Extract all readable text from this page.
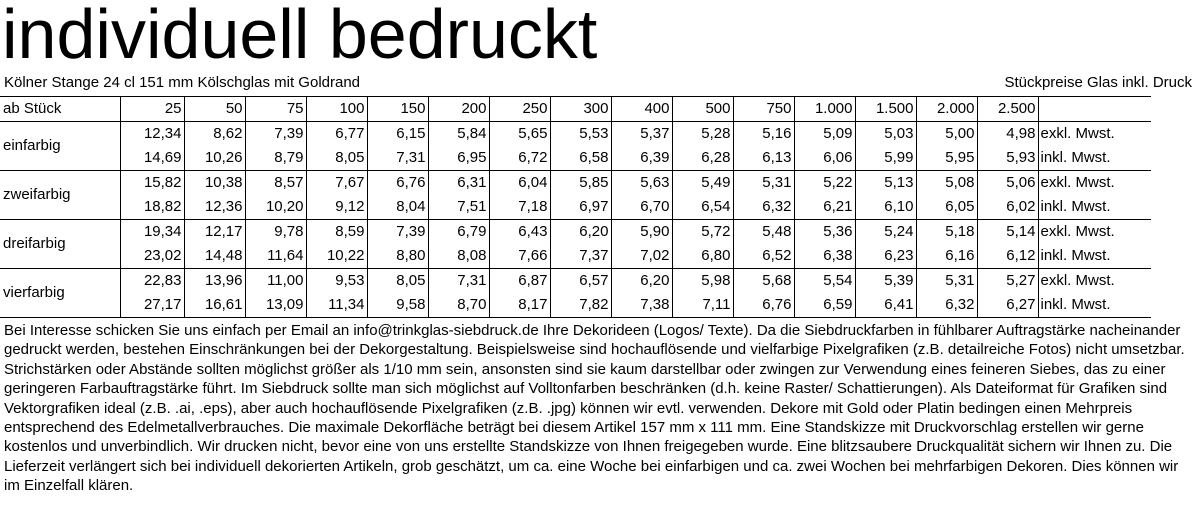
individuell bedruckt
Kölner Stange 24 cl 151 mm Kölschglas mit Goldrand	Stückpreise Glas inkl. Druck
ab Stück	25	50	75	100	150	200	250	300	400	500	750	1.000	1.500	2.000	2.500	
einfarbig	12,34	8,62	7,39	6,77	6,15	5,84	5,65	5,53	5,37	5,28	5,16	5,09	5,03	5,00	4,98	exkl. Mwst.
	14,69	10,26	8,79	8,05	7,31	6,95	6,72	6,58	6,39	6,28	6,13	6,06	5,99	5,95	5,93	inkl. Mwst.
zweifarbig	15,82	10,38	8,57	7,67	6,76	6,31	6,04	5,85	5,63	5,49	5,31	5,22	5,13	5,08	5,06	exkl. Mwst.
	18,82	12,36	10,20	9,12	8,04	7,51	7,18	6,97	6,70	6,54	6,32	6,21	6,10	6,05	6,02	inkl. Mwst.
dreifarbig	19,34	12,17	9,78	8,59	7,39	6,79	6,43	6,20	5,90	5,72	5,48	5,36	5,24	5,18	5,14	exkl. Mwst.
	23,02	14,48	11,64	10,22	8,80	8,08	7,66	7,37	7,02	6,80	6,52	6,38	6,23	6,16	6,12	inkl. Mwst.
vierfarbig	22,83	13,96	11,00	9,53	8,05	7,31	6,87	6,57	6,20	5,98	5,68	5,54	5,39	5,31	5,27	exkl. Mwst.
	27,17	16,61	13,09	11,34	9,58	8,70	8,17	7,82	7,38	7,11	6,76	6,59	6,41	6,32	6,27	inkl. Mwst.

Bei Interesse schicken Sie uns einfach per Email an info@trinkglas-siebdruck.de Ihre Dekorideen (Logos/ Texte). Da die Siebdruckfarben in fühlbarer Auftragstärke nacheinander gedruckt werden, bestehen Einschränkungen bei der Dekorgestaltung. Beispielsweise sind hochauflösende und vielfarbige Pixelgrafiken (z.B. detailreiche Fotos) nicht umsetzbar. Strichstärken oder Abstände sollten möglichst größer als 1/10 mm sein, ansonsten sind sie kaum darstellbar oder zwingen zur Verwendung eines feineren Siebes, das zu einer geringeren Farbauftragstärke führt. Im Siebdruck sollte man sich möglichst auf Volltonfarben beschränken (d.h. keine Raster/ Schattierungen). Als Dateiformat für Grafiken sind Vektorgrafiken ideal (z.B. .ai, .eps), aber auch hochauflösende Pixelgrafiken (z.B. .jpg) können wir evtl. verwenden. Dekore mit Gold oder Platin bedingen einen Mehrpreis entsprechend des Edelmetallverbrauches. Die maximale Dekorfläche beträgt bei diesem Artikel 157 mm x 111 mm. Eine Standskizze mit Druckvorschlag erstellen wir gerne kostenlos und unverbindlich. Wir drucken nicht, bevor eine von uns erstellte Standskizze von Ihnen freigegeben wurde. Eine blitzsaubere Druckqualität sichern wir Ihnen zu. Die Lieferzeit verlängert sich bei individuell dekorierten Artikeln, grob geschätzt, um ca. eine Woche bei einfarbigen und ca. zwei Wochen bei mehrfarbigen Dekoren. Dies können wir im Einzelfall klären.
